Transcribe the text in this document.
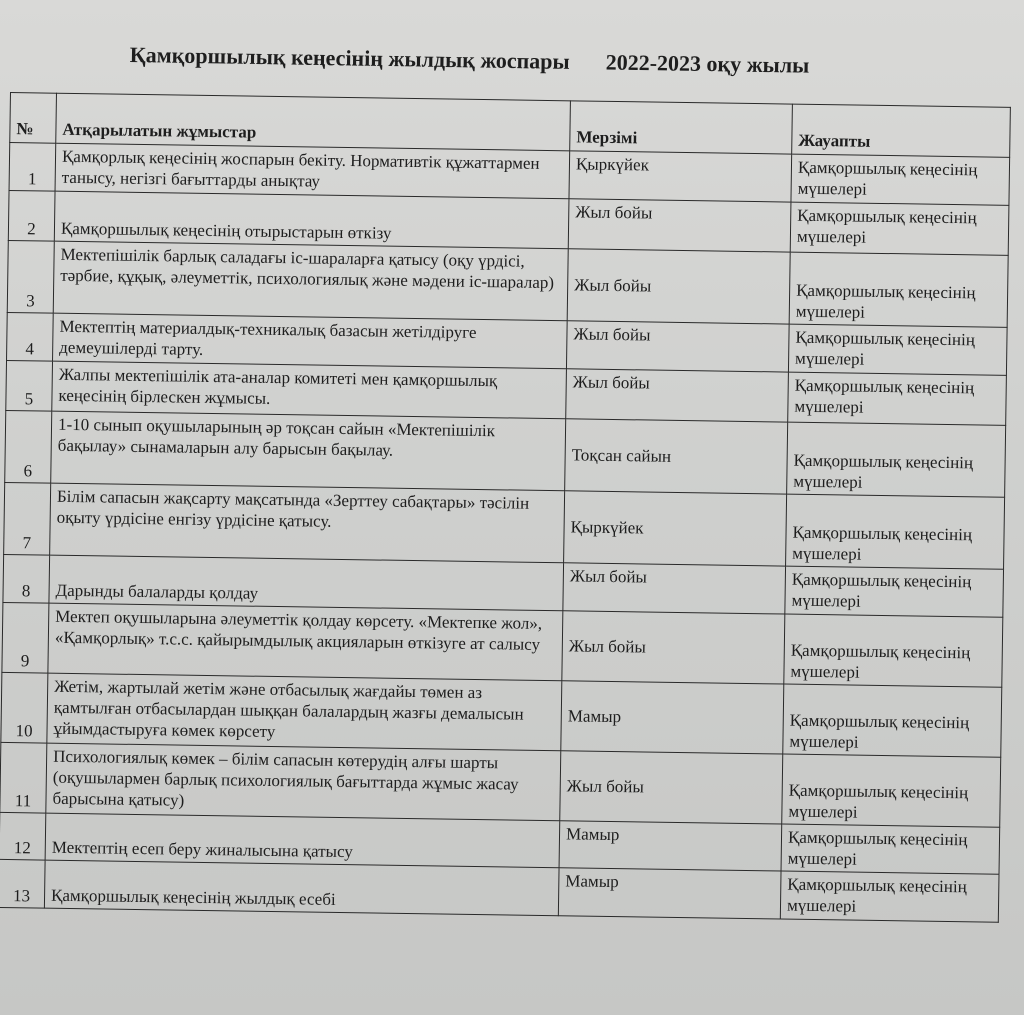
Қамқоршылық кеңесінің жылдық жоспары 2022-2023 оқу жылы
№	Атқарылатын жұмыстар	Мерзімі	Жауапты
1	Қамқорлық кеңесінің жоспарын бекіту. Нормативтік құжаттармен танысу, негізгі бағыттарды анықтау	Қыркүйек	Қамқоршылық кеңесінің мүшелері
2	Қамқоршылық кеңесінің отырыстарын өткізу	Жыл бойы	Қамқоршылық кеңесінің мүшелері
3	Мектепішілік барлық саладағы іс-шараларға қатысу (оқу үрдісі, тәрбие, құқық, әлеуметтік, психологиялық және мәдени іс-шаралар)	Жыл бойы	Қамқоршылық кеңесінің мүшелері
4	Мектептің материалдық-техникалық базасын жетілдіруге демеушілерді тарту.	Жыл бойы	Қамқоршылық кеңесінің мүшелері
5	Жалпы мектепішілік ата-аналар комитеті мен қамқоршылық кеңесінің бірлескен жұмысы.	Жыл бойы	Қамқоршылық кеңесінің мүшелері
6	1-10 сынып оқушыларының әр тоқсан сайын «Мектепішілік бақылау» сынамаларын алу барысын бақылау.	Тоқсан сайын	Қамқоршылық кеңесінің мүшелері
7	Білім сапасын жақсарту мақсатында «Зерттеу сабақтары» тәсілін оқыту үрдісіне енгізу үрдісіне қатысу.	Қыркүйек	Қамқоршылық кеңесінің мүшелері
8	Дарынды балаларды қолдау	Жыл бойы	Қамқоршылық кеңесінің мүшелері
9	Мектеп оқушыларына әлеуметтік қолдау көрсету. «Мектепке жол», «Қамқорлық» т.с.с. қайырымдылық акцияларын өткізуге ат салысу	Жыл бойы	Қамқоршылық кеңесінің мүшелері
10	Жетім, жартылай жетім және отбасылық жағдайы төмен аз қамтылған отбасылардан шыққан балалардың жазғы демалысын ұйымдастыруға көмек көрсету	Мамыр	Қамқоршылық кеңесінің мүшелері
11	Психологиялық көмек – білім сапасын көтерудің алғы шарты (оқушылармен барлық психологиялық бағыттарда жұмыс жасау барысына қатысу)	Жыл бойы	Қамқоршылық кеңесінің мүшелері
12	Мектептің есеп беру жиналысына қатысу	Мамыр	Қамқоршылық кеңесінің мүшелері
13	Қамқоршылық кеңесінің жылдық есебі	Мамыр	Қамқоршылық кеңесінің мүшелері
